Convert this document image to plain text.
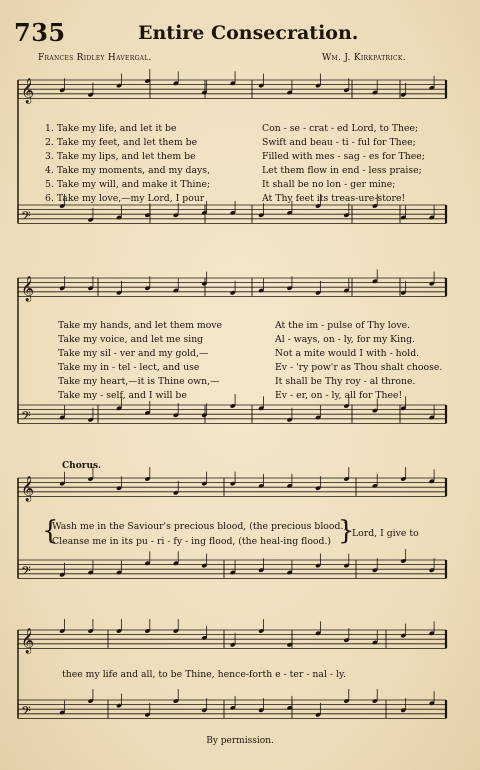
735	Entire Consecration.
Frances Ridley Havergal.	Wm. J. Kirkpatrick.
𝄞
𝄢
𝄞
𝄢
𝄞
𝄢
𝄞
𝄢
1. Take my life, and let it be	Con - se - crat - ed Lord, to Thee;
2. Take my feet, and let them be	Swift and beau - ti - ful for Thee;
3. Take my lips, and let them be	Filled with mes - sag - es for Thee;
4. Take my moments, and my days,	Let them flow in end - less praise;
5. Take my will, and make it Thine;	It shall be no lon - ger mine;
6. Take my love,—my Lord, I pour	At Thy feet its treas-ure-store!
Take my hands, and let them move	At the im - pulse of Thy love.
Take my voice, and let me sing	Al - ways, on - ly, for my King.
Take my sil - ver and my gold,—	Not a mite would I with - hold.
Take my in - tel - lect, and use	Ev - 'ry pow'r as Thou shalt choose.
Take my heart,—it is Thine own,—	It shall be Thy roy - al throne.
Take my - self, and I will be	Ev - er, on - ly, all for Thee!
Chorus.
{	}
Wash me in the Saviour's precious blood, (the precious blood.)
Cleanse me in its pu - ri - fy - ing flood, (the heal-ing flood.)
Lord, I give to
thee my life and all, to be Thine, hence-forth e - ter - nal - ly.
By permission.
